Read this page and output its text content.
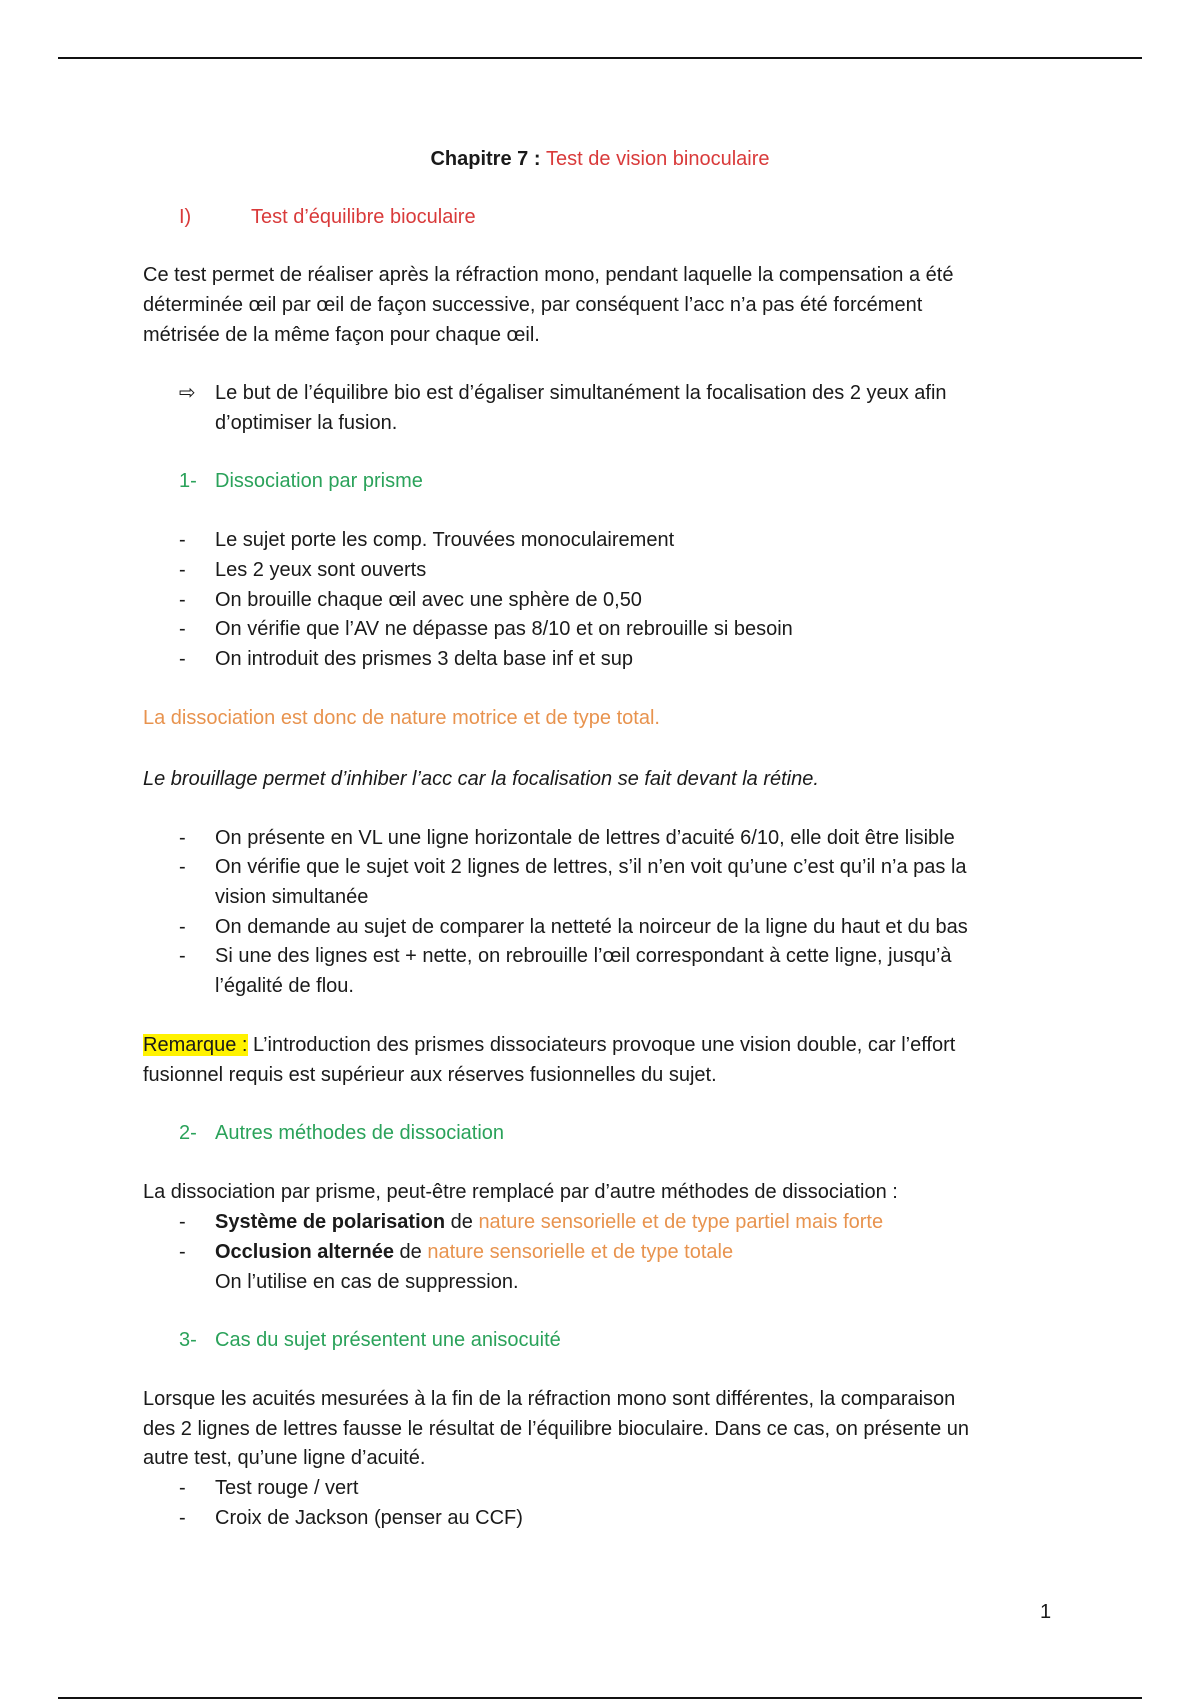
Chapitre 7 : Test de vision binoculaire
I)	Test d’équilibre bioculaire
Ce test permet de réaliser après la réfraction mono, pendant laquelle la compensation a été
déterminée œil par œil de façon successive, par conséquent l’acc n’a pas été forcément
métrisée de la même façon pour chaque œil.
⇨ Le but de l’équilibre bio est d’égaliser simultanément la focalisation des 2 yeux afin
d’optimiser la fusion.
1- Dissociation par prisme
- Le sujet porte les comp. Trouvées monoculairement
- Les 2 yeux sont ouverts
- On brouille chaque œil avec une sphère de 0,50
- On vérifie que l’AV ne dépasse pas 8/10 et on rebrouille si besoin
- On introduit des prismes 3 delta base inf et sup
La dissociation est donc de nature motrice et de type total.
Le brouillage permet d’inhiber l’acc car la focalisation se fait devant la rétine.
- On présente en VL une ligne horizontale de lettres d’acuité 6/10, elle doit être lisible
- On vérifie que le sujet voit 2 lignes de lettres, s’il n’en voit qu’une c’est qu’il n’a pas la
vision simultanée
- On demande au sujet de comparer la netteté la noirceur de la ligne du haut et du bas
- Si une des lignes est + nette, on rebrouille l’œil correspondant à cette ligne, jusqu’à
l’égalité de flou.
Remarque : L’introduction des prismes dissociateurs provoque une vision double, car l’effort
fusionnel requis est supérieur aux réserves fusionnelles du sujet.
2- Autres méthodes de dissociation
La dissociation par prisme, peut-être remplacé par d’autre méthodes de dissociation :
- Système de polarisation de nature sensorielle et de type partiel mais forte
- Occlusion alternée de nature sensorielle et de type totale
On l’utilise en cas de suppression.
3- Cas du sujet présentent une anisocuité
Lorsque les acuités mesurées à la fin de la réfraction mono sont différentes, la comparaison
des 2 lignes de lettres fausse le résultat de l’équilibre bioculaire. Dans ce cas, on présente un
autre test, qu’une ligne d’acuité.
- Test rouge / vert
- Croix de Jackson (penser au CCF)
1
